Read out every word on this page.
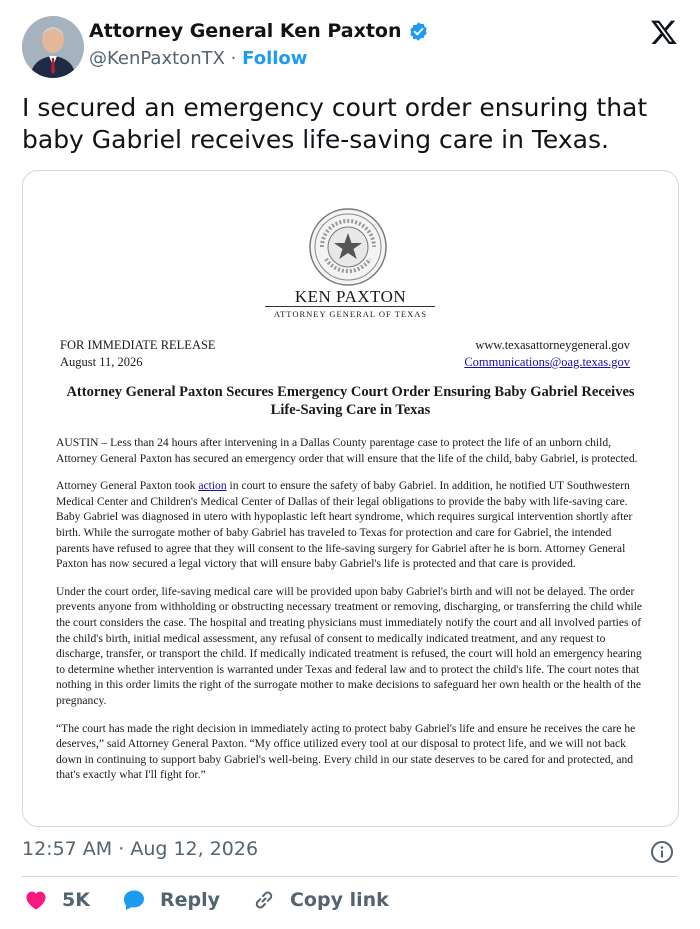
Attorney General Ken Paxton
@KenPaxtonTX · Follow
I secured an emergency court order ensuring that baby Gabriel receives life-saving care in Texas.
KEN PAXTON
ATTORNEY GENERAL OF TEXAS
FOR IMMEDIATE RELEASE
August 11, 2026
www.texasattorneygeneral.gov
Communications@oag.texas.gov
Attorney General Paxton Secures Emergency Court Order Ensuring Baby Gabriel Receives Life-Saving Care in Texas

AUSTIN – Less than 24 hours after intervening in a Dallas County parentage case to protect the life of an unborn child, Attorney General Paxton has secured an emergency order that will ensure that the life of the child, baby Gabriel, is protected.

Attorney General Paxton took action in court to ensure the safety of baby Gabriel. In addition, he notified UT Southwestern Medical Center and Children's Medical Center of Dallas of their legal obligations to provide the baby with life-saving care. Baby Gabriel was diagnosed in utero with hypoplastic left heart syndrome, which requires surgical intervention shortly after birth. While the surrogate mother of baby Gabriel has traveled to Texas for protection and care for Gabriel, the intended parents have refused to agree that they will consent to the life-saving surgery for Gabriel after he is born. Attorney General Paxton has now secured a legal victory that will ensure baby Gabriel's life is protected and that care is provided.

Under the court order, life-saving medical care will be provided upon baby Gabriel's birth and will not be delayed. The order prevents anyone from withholding or obstructing necessary treatment or removing, discharging, or transferring the child while the court considers the case. The hospital and treating physicians must immediately notify the court and all involved parties of the child's birth, initial medical assessment, any refusal of consent to medically indicated treatment, and any request to discharge, transfer, or transport the child. If medically indicated treatment is refused, the court will hold an emergency hearing to determine whether intervention is warranted under Texas and federal law and to protect the child's life. The court notes that nothing in this order limits the right of the surrogate mother to make decisions to safeguard her own health or the health of the pregnancy.

“The court has made the right decision in immediately acting to protect baby Gabriel's life and ensure he receives the care he deserves,” said Attorney General Paxton. “My office utilized every tool at our disposal to protect life, and we will not back down in continuing to support baby Gabriel's well-being. Every child in our state deserves to be cared for and protected, and that's exactly what I'll fight for.”

12:57 AM · Aug 12, 2026
5K	Reply	Copy link
